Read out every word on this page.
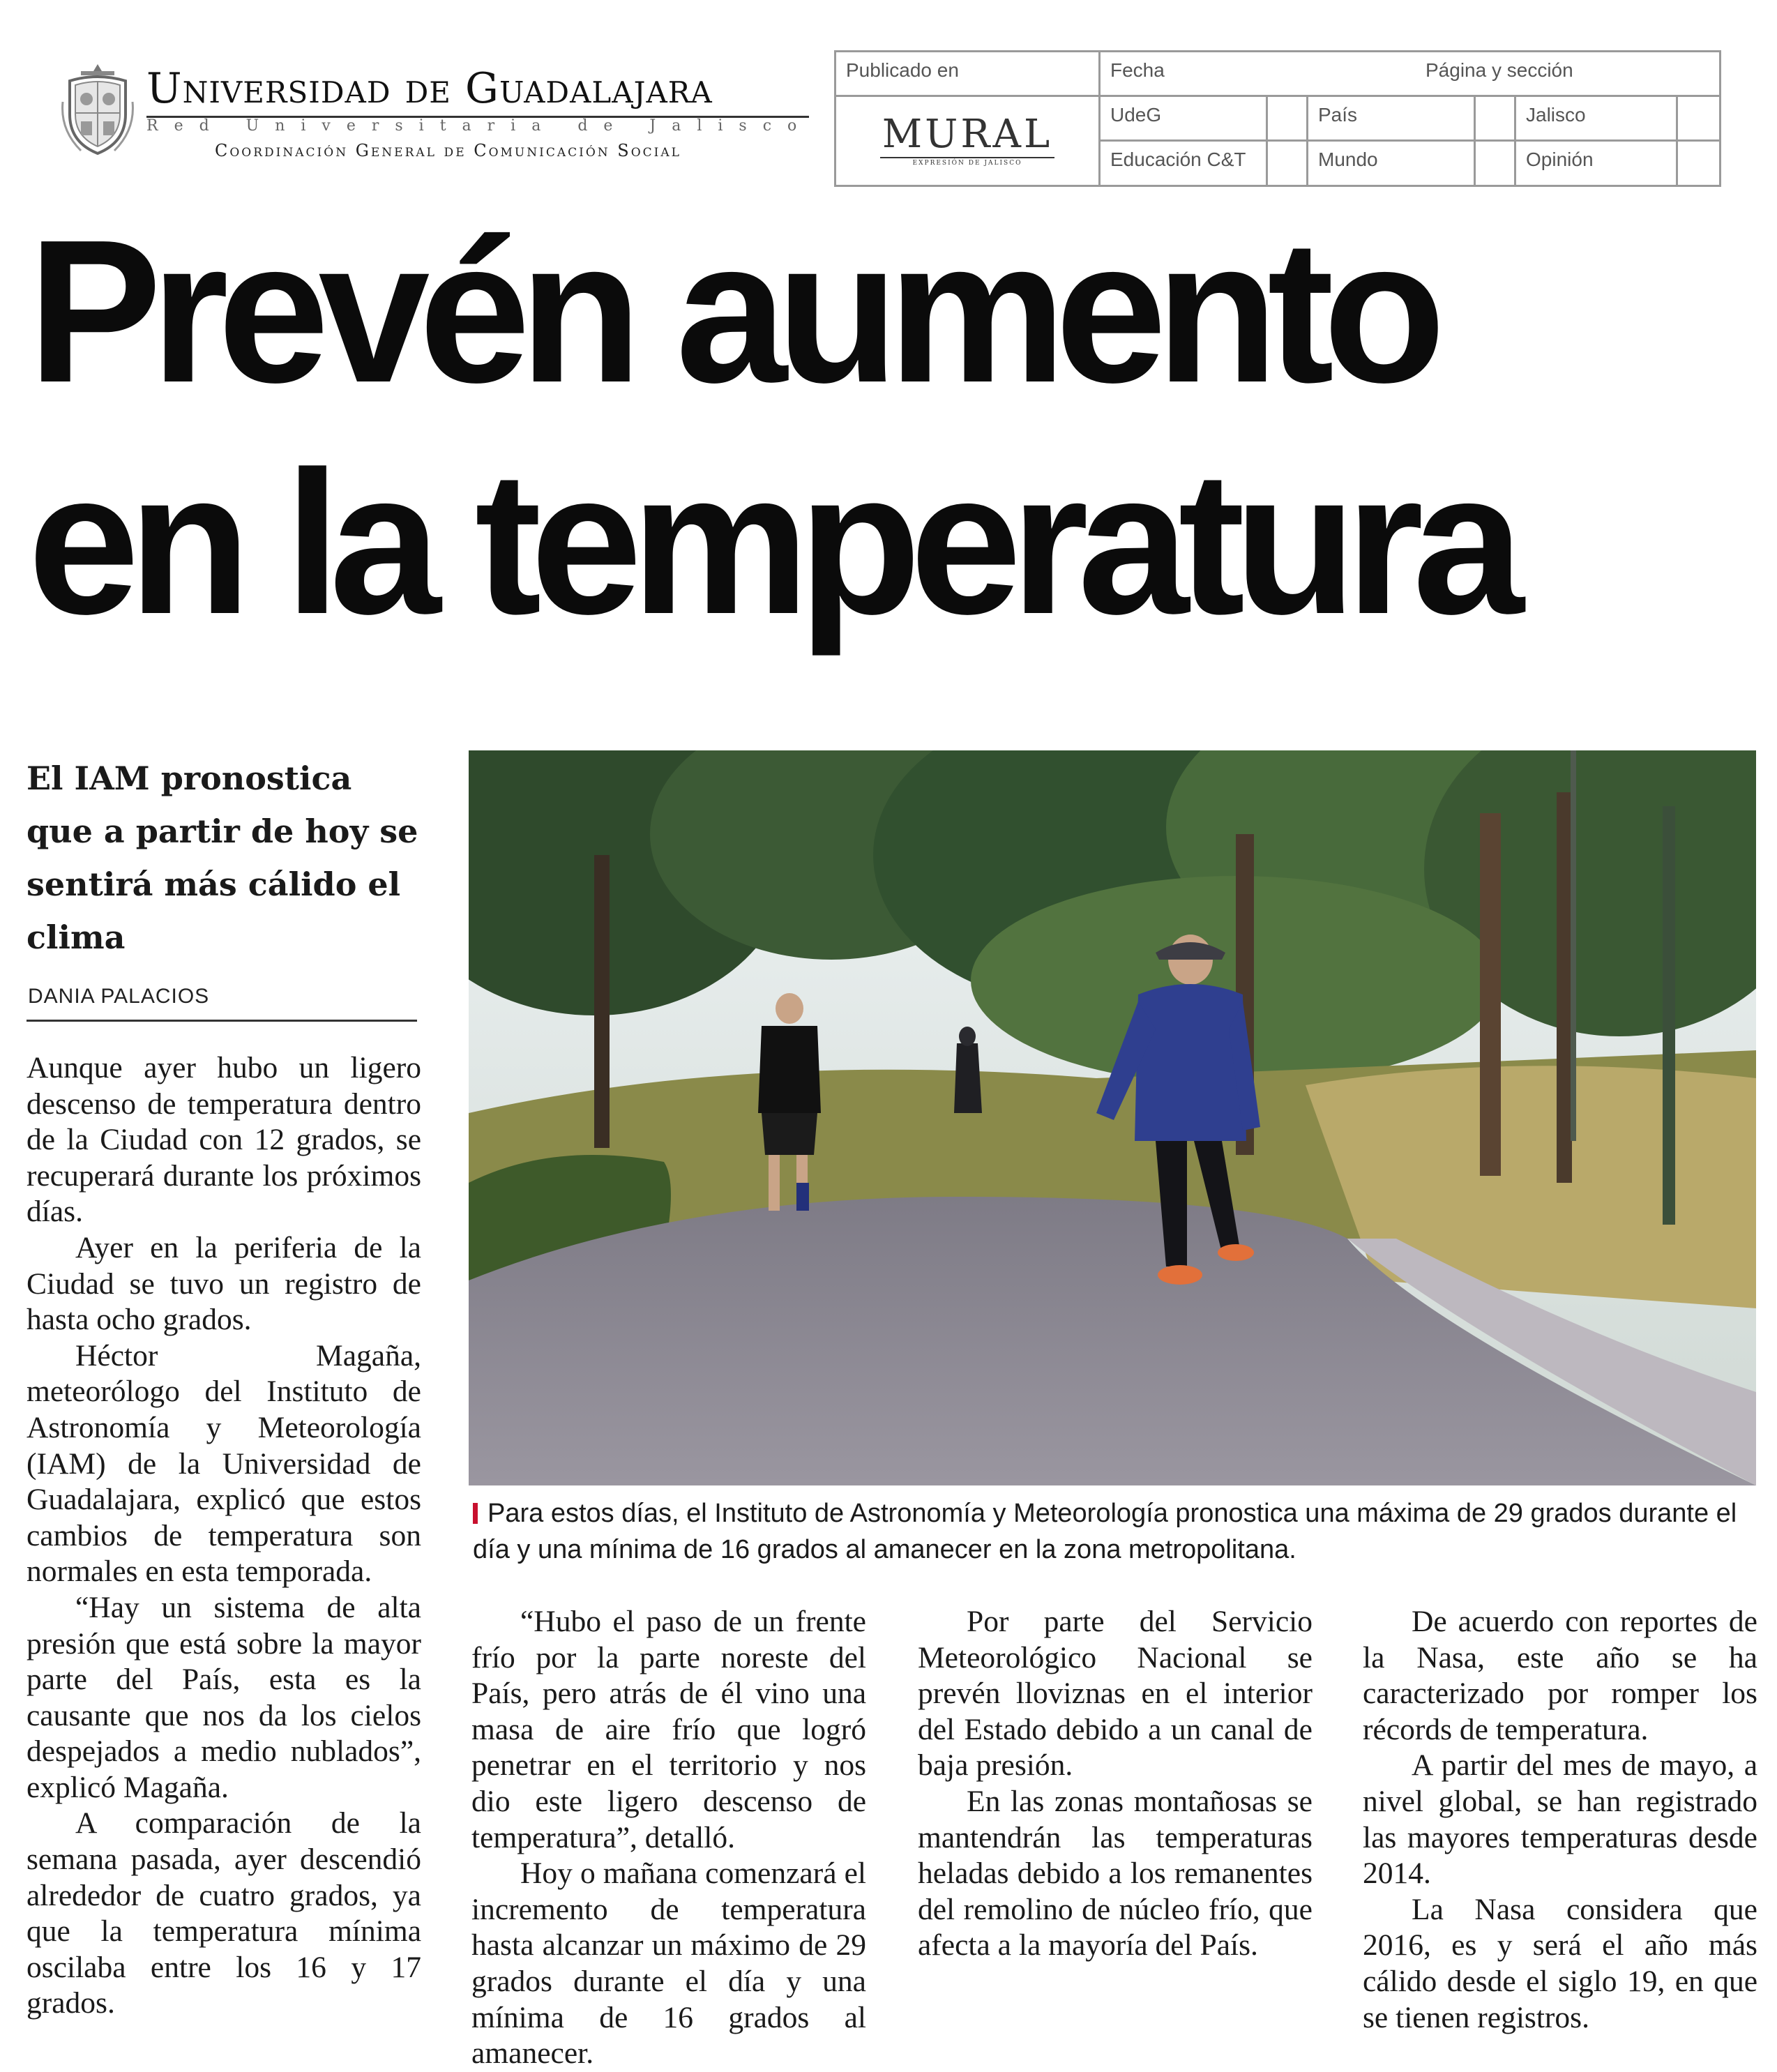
Universidad de Guadalajara
Red Universitaria de Jalisco
Coordinación General de Comunicación Social
Publicado en	Fecha	Página y sección
MURAL
EXPRESIÓN DE JALISCO
UdeG	País	Jalisco
Educación C&T	Mundo	Opinión
Prevén aumento
en la temperatura

El IAM pronostica que a partir de hoy se sentirá más cálido el clima

DANIA PALACIOS
Para estos días, el Instituto de Astronomía y Meteorología pronostica una máxima de 29 grados durante el día y una mínima de 16 grados al amanecer en la zona metropolitana.

Aunque ayer hubo un ligero descenso de temperatura dentro de la Ciudad con 12 grados, se recuperará durante los próximos días.

Ayer en la periferia de la Ciudad se tuvo un registro de hasta ocho grados.

Héctor Magaña, meteorólogo del Instituto de Astronomía y Meteorología (IAM) de la Universidad de Guadalajara, explicó que estos cambios de temperatura son normales en esta temporada.

“Hay un sistema de alta presión que está sobre la mayor parte del País, esta es la causante que nos da los cielos despejados a medio nublados”, explicó Magaña.

A comparación de la semana pasada, ayer descendió alrededor de cuatro grados, ya que la temperatura mínima oscilaba entre los 16 y 17 grados.

“Hubo el paso de un frente frío por la parte noreste del País, pero atrás de él vino una masa de aire frío que logró penetrar en el territorio y nos dio este ligero descenso de temperatura”, detalló.

Hoy o mañana comenzará el incremento de temperatura hasta alcanzar un máximo de 29 grados durante el día y una mínima de 16 grados al amanecer.

Por parte del Servicio Meteorológico Nacional se prevén lloviznas en el interior del Estado debido a un canal de baja presión.

En las zonas montañosas se mantendrán las temperaturas heladas debido a los remanentes del remolino de núcleo frío, que afecta a la mayoría del País.

De acuerdo con reportes de la Nasa, este año se ha caracterizado por romper los récords de temperatura.

A partir del mes de mayo, a nivel global, se han registrado las mayores temperaturas desde 2014.

La Nasa considera que 2016, es y será el año más cálido desde el siglo 19, en que se tienen registros.
